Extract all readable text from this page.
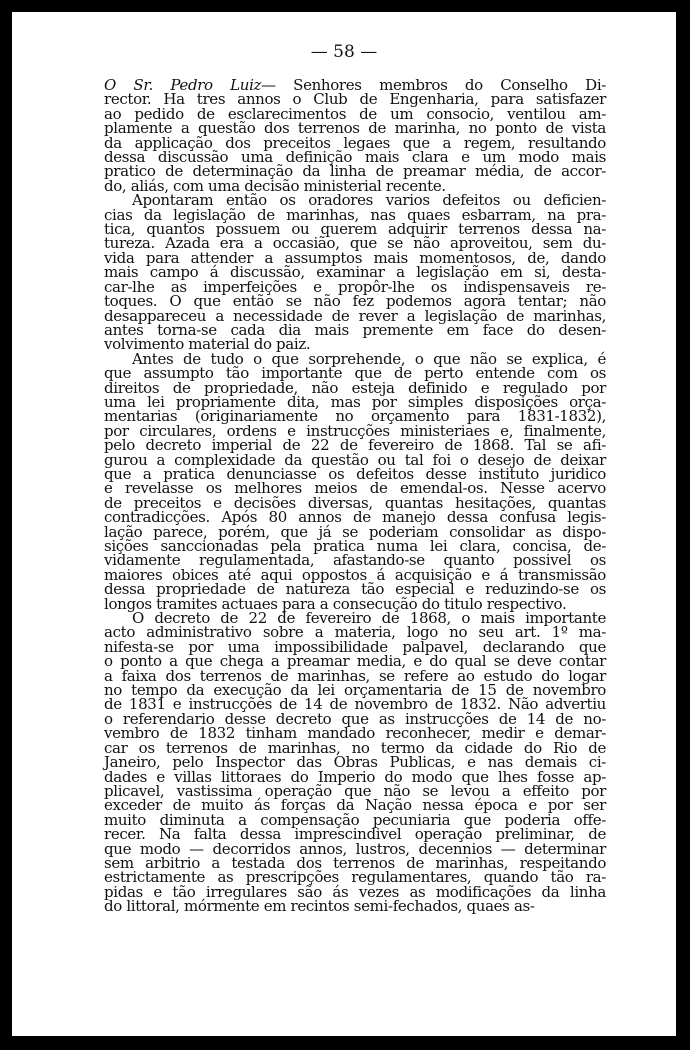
— 58 —
O Sr. Pedro Luiz— Senhores membros do Conselho Di-
rector. Ha tres annos o Club de Engenharia, para satisfazer
ao pedido de esclarecimentos de um consocio, ventilou am-
plamente a questão dos terrenos de marinha, no ponto de vista
da applicação dos preceitos legaes que a regem, resultando
dessa discussão uma definição mais clara e um modo mais
pratico de determinação da linha de preamar média, de accor-
do, aliás, com uma decisão ministerial recente.
Apontaram então os oradores varios defeitos ou deficien-
cias da legislação de marinhas, nas quaes esbarram, na pra-
tica, quantos possuem ou querem adquirir terrenos dessa na-
tureza. Azada era a occasião, que se não aproveitou, sem du-
vida para attender a assumptos mais momentosos, de, dando
mais campo á discussão, examinar a legislação em si, desta-
car-lhe as imperfeições e propôr-lhe os indispensaveis re-
toques. O que então se não fez podemos agora tentar; não
desappareceu a necessidade de rever a legislação de marinhas,
antes torna-se cada dia mais premente em face do desen-
volvimento material do paiz.
Antes de tudo o que sorprehende, o que não se explica, é
que assumpto tão importante que de perto entende com os
direitos de propriedade, não esteja definido e regulado por
uma lei propriamente dita, mas por simples disposições orça-
mentarias (originariamente no orçamento para 1831-1832),
por circulares, ordens e instrucções ministeriaes e, finalmente,
pelo decreto imperial de 22 de fevereiro de 1868. Tal se afi-
gurou a complexidade da questão ou tal foi o desejo de deixar
que a pratica denunciasse os defeitos desse instituto juridico
e revelasse os melhores meios de emendal-os. Nesse acervo
de preceitos e decisões diversas, quantas hesitações, quantas
contradicções. Após 80 annos de manejo dessa confusa legis-
lação parece, porém, que já se poderiam consolidar as dispo-
sições sanccionadas pela pratica numa lei clara, concisa, de-
vidamente regulamentada, afastando-se quanto possivel os
maiores obices até aqui oppostos á acquisição e á transmissão
dessa propriedade de natureza tão especial e reduzindo-se os
longos tramites actuaes para a consecução do titulo respectivo.
O decreto de 22 de fevereiro de 1868, o mais importante
acto administrativo sobre a materia, logo no seu art. 1º ma-
nifesta-se por uma impossibilidade palpavel, declarando que
o ponto a que chega a preamar media, e do qual se deve contar
a faixa dos terrenos de marinhas, se refere ao estudo do logar
no tempo da execução da lei orçamentaria de 15 de novembro
de 1831 e instrucções de 14 de novembro de 1832. Não advertiu
o referendario desse decreto que as instrucções de 14 de no-
vembro de 1832 tinham mandado reconhecer, medir e demar-
car os terrenos de marinhas, no termo da cidade do Rio de
Janeiro, pelo Inspector das Obras Publicas, e nas demais ci-
dades e villas littoraes do Imperio do modo que lhes fosse ap-
plicavel, vastissima operação que não se levou a effeito por
exceder de muito ás forças da Nação nessa época e por ser
muito diminuta a compensação pecuniaria que poderia offe-
recer. Na falta dessa imprescindivel operação preliminar, de
que modo — decorridos annos, lustros, decennios — determinar
sem arbitrio a testada dos terrenos de marinhas, respeitando
estrictamente as prescripções regulamentares, quando tão ra-
pidas e tão irregulares são ás vezes as modificações da linha
do littoral, mórmente em recintos semi-fechados, quaes as-
